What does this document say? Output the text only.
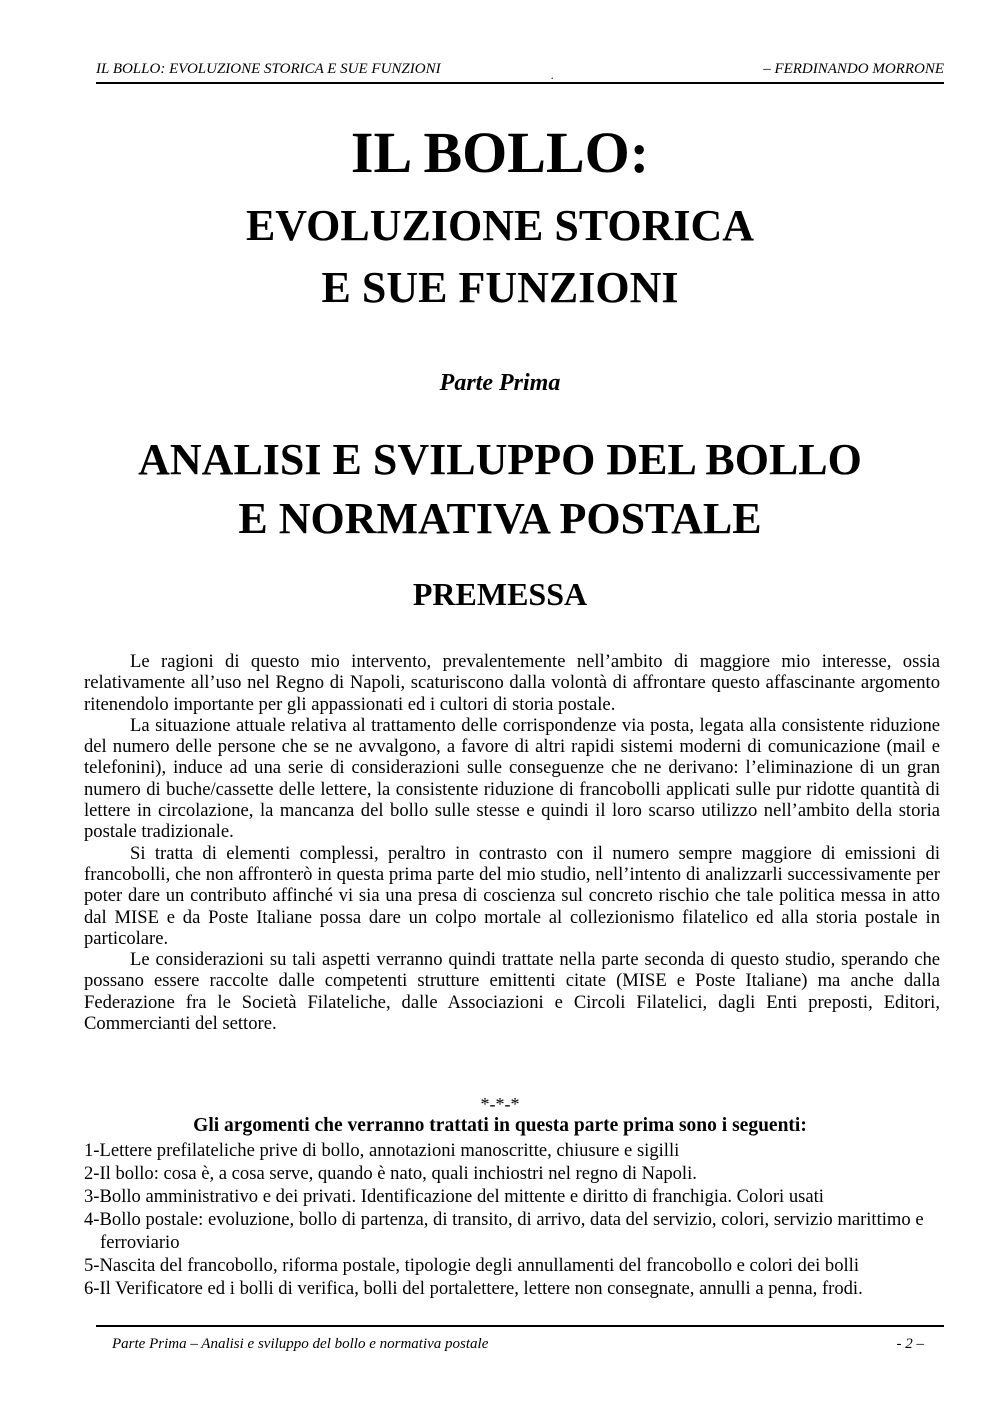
IL BOLLO: EVOLUZIONE STORICA E SUE FUNZIONI	.	– FERDINANDO MORRONE
IL BOLLO:
EVOLUZIONE STORICA
E SUE FUNZIONI
Parte Prima
ANALISI E SVILUPPO DEL BOLLO
E NORMATIVA POSTALE
PREMESSA

Le ragioni di questo mio intervento, prevalentemente nell’ambito di maggiore mio interesse, ossia relativamente all’uso nel Regno di Napoli, scaturiscono dalla volontà di affrontare questo affascinante argomento ritenendolo importante per gli appassionati ed i cultori di storia postale.

La situazione attuale relativa al trattamento delle corrispondenze via posta, legata alla consistente riduzione del numero delle persone che se ne avvalgono, a favore di altri rapidi sistemi moderni di comunicazione (mail e telefonini), induce ad una serie di considerazioni sulle conseguenze che ne derivano: l’eliminazione di un gran numero di buche/cassette delle lettere, la consistente riduzione di francobolli applicati sulle pur ridotte quantità di lettere in circolazione, la mancanza del bollo sulle stesse e quindi il loro scarso utilizzo nell’ambito della storia postale tradizionale.

Si tratta di elementi complessi, peraltro in contrasto con il numero sempre maggiore di emissioni di francobolli, che non affronterò in questa prima parte del mio studio, nell’intento di analizzarli successivamente per poter dare un contributo affinché vi sia una presa di coscienza sul concreto rischio che tale politica messa in atto dal MISE e da Poste Italiane possa dare un colpo mortale al collezionismo filatelico ed alla storia postale in particolare.

Le considerazioni su tali aspetti verranno quindi trattate nella parte seconda di questo studio, sperando che possano essere raccolte dalle competenti strutture emittenti citate (MISE e Poste Italiane) ma anche dalla Federazione fra le Società Filateliche, dalle Associazioni e Circoli Filatelici, dagli Enti preposti, Editori, Commercianti del settore.

*-*-*
Gli argomenti che verranno trattati in questa parte prima sono i seguenti:
1-Lettere prefilateliche prive di bollo, annotazioni manoscritte, chiusure e sigilli
2-Il bollo: cosa è, a cosa serve, quando è nato, quali inchiostri nel regno di Napoli.
3-Bollo amministrativo e dei privati. Identificazione del mittente e diritto di franchigia. Colori usati
4-Bollo postale: evoluzione, bollo di partenza, di transito, di arrivo, data del servizio, colori, servizio marittimo e ferroviario
5-Nascita del francobollo, riforma postale, tipologie degli annullamenti del francobollo e colori dei bolli
6-Il Verificatore ed i bolli di verifica, bolli del portalettere, lettere non consegnate, annulli a penna, frodi.
Parte Prima – Analisi e sviluppo del bollo e normativa postale	- 2 –
